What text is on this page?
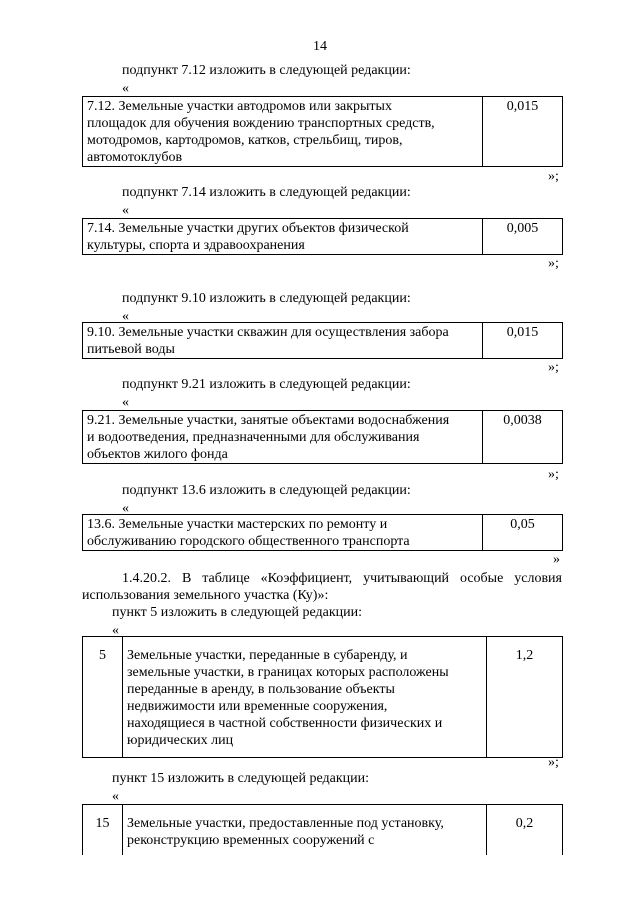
14
подпункт 7.12 изложить в следующей редакции:
«
7.12. Земельные участки автодромов или закрытых
площадок для обучения вождению транспортных средств,
мотодромов, картодромов, катков, стрельбищ, тиров,
автомотоклубов
	0,015
»;
подпункт 7.14 изложить в следующей редакции:
«
7.14. Земельные участки других объектов физической
культуры, спорта и здравоохранения
	0,005
»;
подпункт 9.10 изложить в следующей редакции:
«
9.10. Земельные участки скважин для осуществления забора
питьевой воды
	0,015
»;
подпункт 9.21 изложить в следующей редакции:
«
9.21. Земельные участки, занятые объектами водоснабжения
и водоотведения, предназначенными для обслуживания
объектов жилого фонда
	0,0038
»;
подпункт 13.6 изложить в следующей редакции:
«
13.6. Земельные участки мастерских по ремонту и
обслуживанию городского общественного транспорта
	0,05
»
1.4.20.2. В таблице «Коэффициент, учитывающий особые условия
использования земельного участка (Ку)»:
пункт 5 изложить в следующей редакции:
«
5	Земельные участки, переданные в субаренду, и
земельные участки, в границах которых расположены
переданные в аренду, в пользование объекты
недвижимости или временные сооружения,
находящиеся в частной собственности физических и
юридических лиц
	1,2
»;
пункт 15 изложить в следующей редакции:
«
15	Земельные участки, предоставленные под установку,
реконструкцию временных сооружений с
	0,2
